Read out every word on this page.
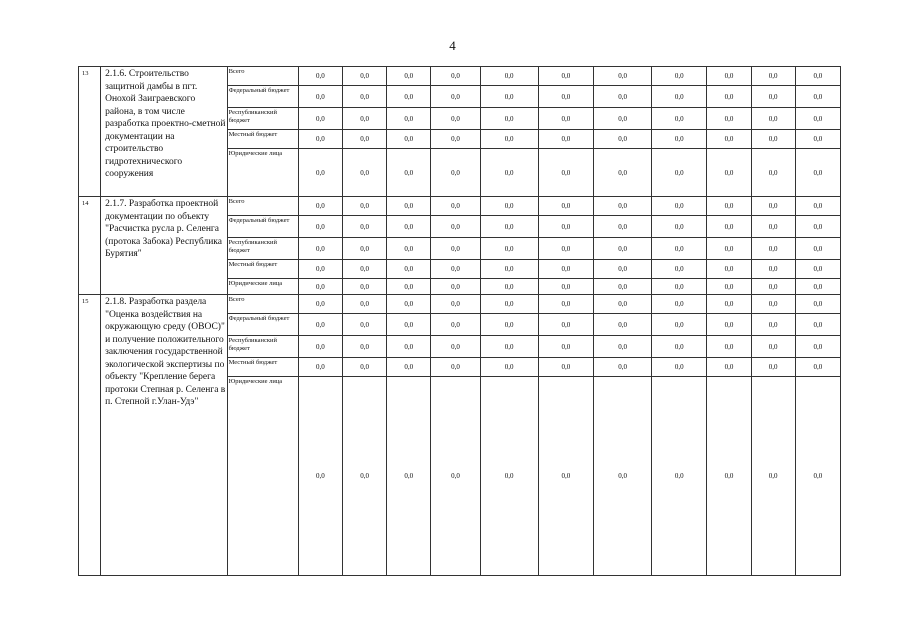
4
13	2.1.6. Строительство защитной дамбы в пгт. Онохой Заиграевского района, в том числе разработка проектно-сметной документации на строительство гидротехнического сооружения	Всего	0,0	0,0	0,0	0,0	0,0	0,0	0,0	0,0	0,0	0,0	0,0
		Федеральный бюджет	0,0	0,0	0,0	0,0	0,0	0,0	0,0	0,0	0,0	0,0	0,0
		Республиканский бюджет	0,0	0,0	0,0	0,0	0,0	0,0	0,0	0,0	0,0	0,0	0,0
		Местный бюджет	0,0	0,0	0,0	0,0	0,0	0,0	0,0	0,0	0,0	0,0	0,0
		Юридические лица	0,0	0,0	0,0	0,0	0,0	0,0	0,0	0,0	0,0	0,0	0,0
14	2.1.7. Разработка проектной документации по объекту "Расчистка русла р. Селенга (протока Забока) Республика Бурятия"	Всего	0,0	0,0	0,0	0,0	0,0	0,0	0,0	0,0	0,0	0,0	0,0
		Федеральный бюджет	0,0	0,0	0,0	0,0	0,0	0,0	0,0	0,0	0,0	0,0	0,0
		Республиканский бюджет	0,0	0,0	0,0	0,0	0,0	0,0	0,0	0,0	0,0	0,0	0,0
		Местный бюджет	0,0	0,0	0,0	0,0	0,0	0,0	0,0	0,0	0,0	0,0	0,0
		Юридические лица	0,0	0,0	0,0	0,0	0,0	0,0	0,0	0,0	0,0	0,0	0,0
15	2.1.8. Разработка раздела "Оценка воздействия на окружающую среду (ОВОС)" и получение положительного заключения государственной экологической экспертизы по объекту "Крепление берега протоки Степная р. Селенга в п. Степной г.Улан-Удэ"	Всего	0,0	0,0	0,0	0,0	0,0	0,0	0,0	0,0	0,0	0,0	0,0
		Федеральный бюджет	0,0	0,0	0,0	0,0	0,0	0,0	0,0	0,0	0,0	0,0	0,0
		Республиканский бюджет	0,0	0,0	0,0	0,0	0,0	0,0	0,0	0,0	0,0	0,0	0,0
		Местный бюджет	0,0	0,0	0,0	0,0	0,0	0,0	0,0	0,0	0,0	0,0	0,0
		Юридические лица	0,0	0,0	0,0	0,0	0,0	0,0	0,0	0,0	0,0	0,0	0,0
